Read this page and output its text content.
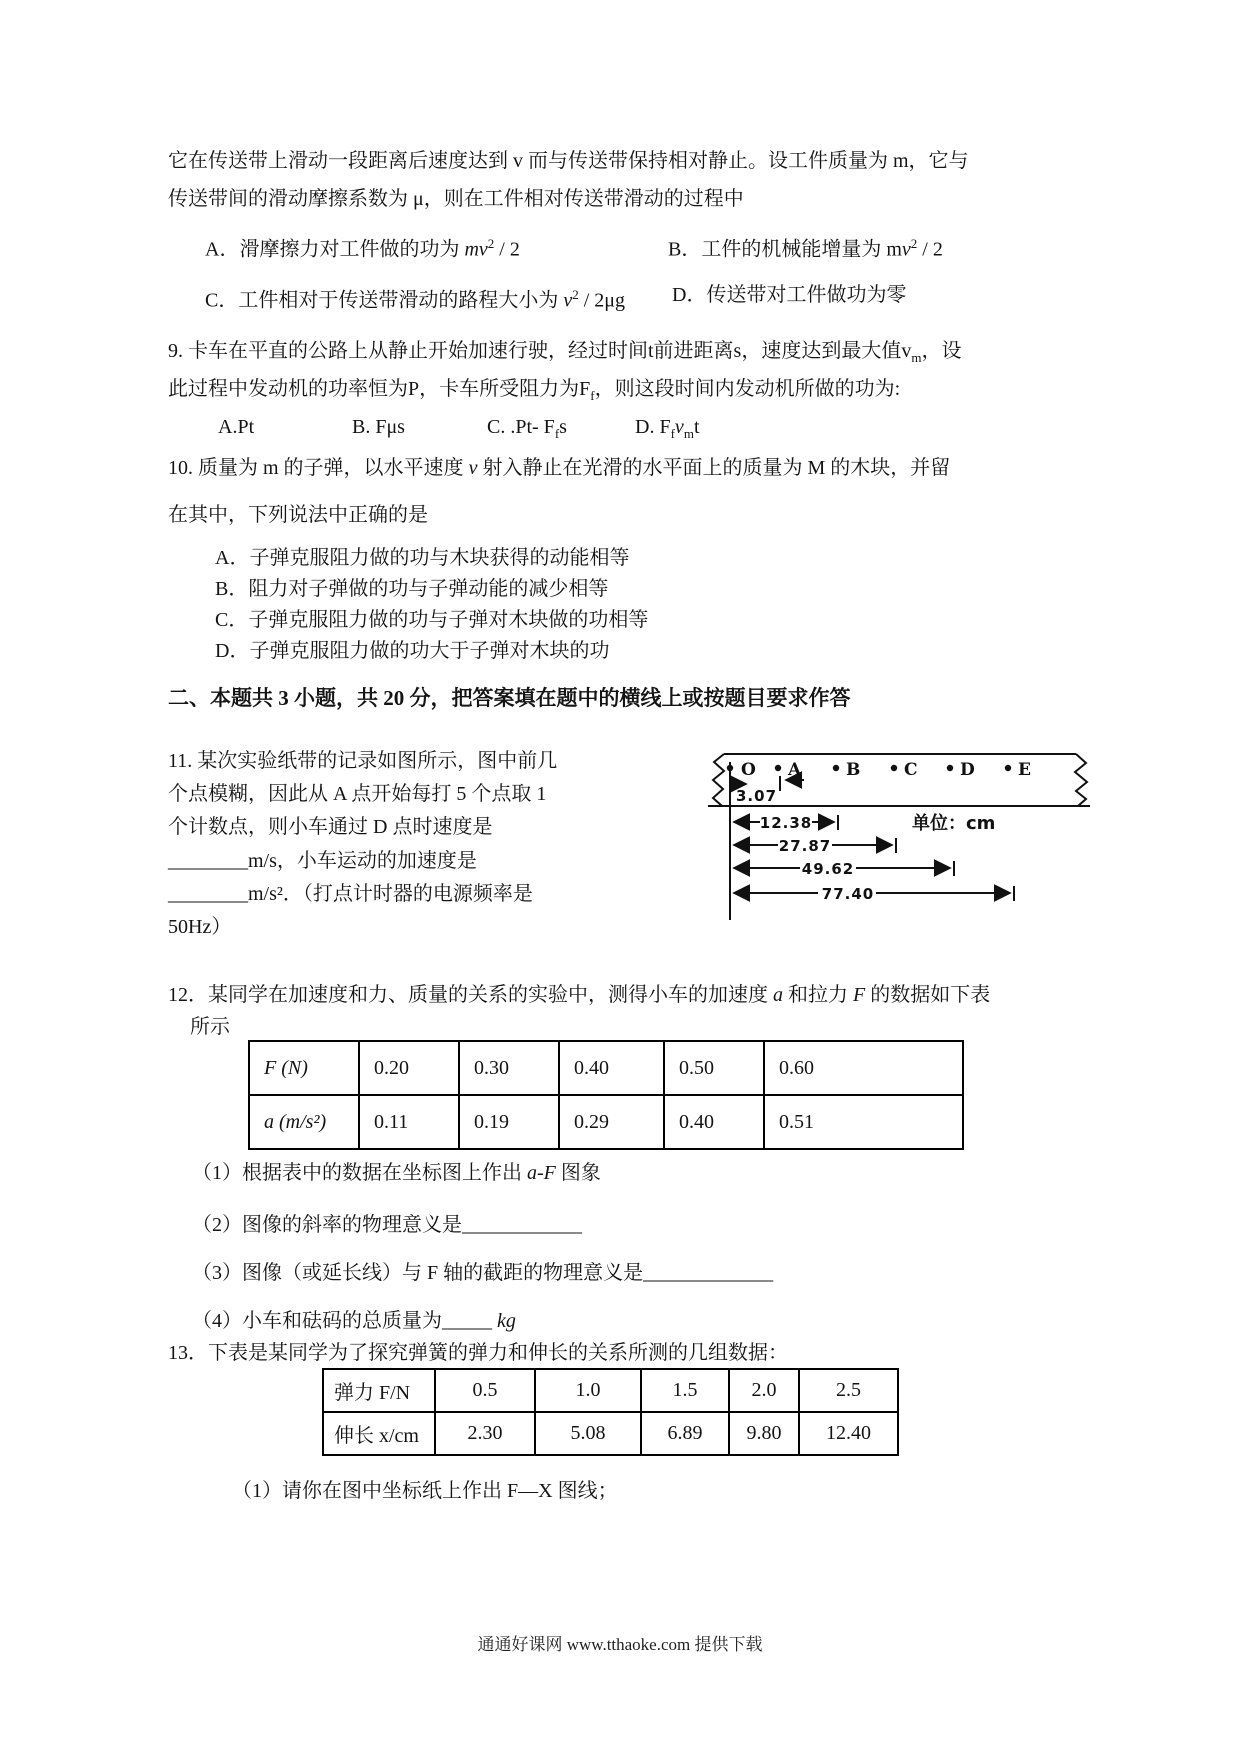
它在传送带上滑动一段距离后速度达到 v 而与传送带保持相对静止。设工件质量为 m，它与
传送带间的滑动摩擦系数为 μ，则在工件相对传送带滑动的过程中
A．滑摩擦力对工件做的功为 $mv^2 / 2$	B．工件的机械能增量为 $mv^2 / 2$
C．工件相对于传送带滑动的路程大小为 $v^2 / 2\mu g$ D．传送带对工件做功为零
9. 卡车在平直的公路上从静止开始加速行驶，经过时间t前进距离s，速度达到最大值$v_m$，设
此过程中发动机的功率恒为P，卡车所受阻力为$F_f$，则这段时间内发动机所做的功为:
A.Pt	B. Fμs	C. .Pt- $F_fs$	D. $F_fv_mt$
10. 质量为 m 的子弹，以水平速度 v 射入静止在光滑的水平面上的质量为 M 的木块，并留
在其中，下列说法中正确的是
A．子弹克服阻力做的功与木块获得的动能相等
B．阻力对子弹做的功与子弹动能的减少相等
C．子弹克服阻力做的功与子弹对木块做的功相等
D．子弹克服阻力做的功大于子弹对木块的功
二、本题共 3 小题，共 20 分，把答案填在题中的横线上或按题目要求作答
11. 某次实验纸带的记录如图所示，图中前几
个点模糊，因此从 A 点开始每打 5 个点取 1
个计数点，则小车通过 D 点时速度是
________m/s，小车运动的加速度是
________m/s²．（打点计时器的电源频率是
50Hz）
O A	B	C D	E
3.07
12.38	单位：cm
27.87
49.62
77.40
12．某同学在加速度和力、质量的关系的实验中，测得小车的加速度 a 和拉力 F 的数据如下表
所示
F (N)	0.20	0.30	0.40	0.50	0.60
a (m/s²)	0.11	0.19	0.29	0.40	0.51
（1）根据表中的数据在坐标图上作出 a-F 图象
（2）图像的斜率的物理意义是____________
（3）图像（或延长线）与 F 轴的截距的物理意义是_____________
（4）小车和砝码的总质量为_____ kg
13．下表是某同学为了探究弹簧的弹力和伸长的关系所测的几组数据：
弹力 F/N	0.5	1.0	1.5	2.0	2.5
伸长 x/cm	2.30	5.08	6.89	9.80	12.40
（1）请你在图中坐标纸上作出 F—X 图线；
通通好课网 www.tthaoke.com 提供下载
